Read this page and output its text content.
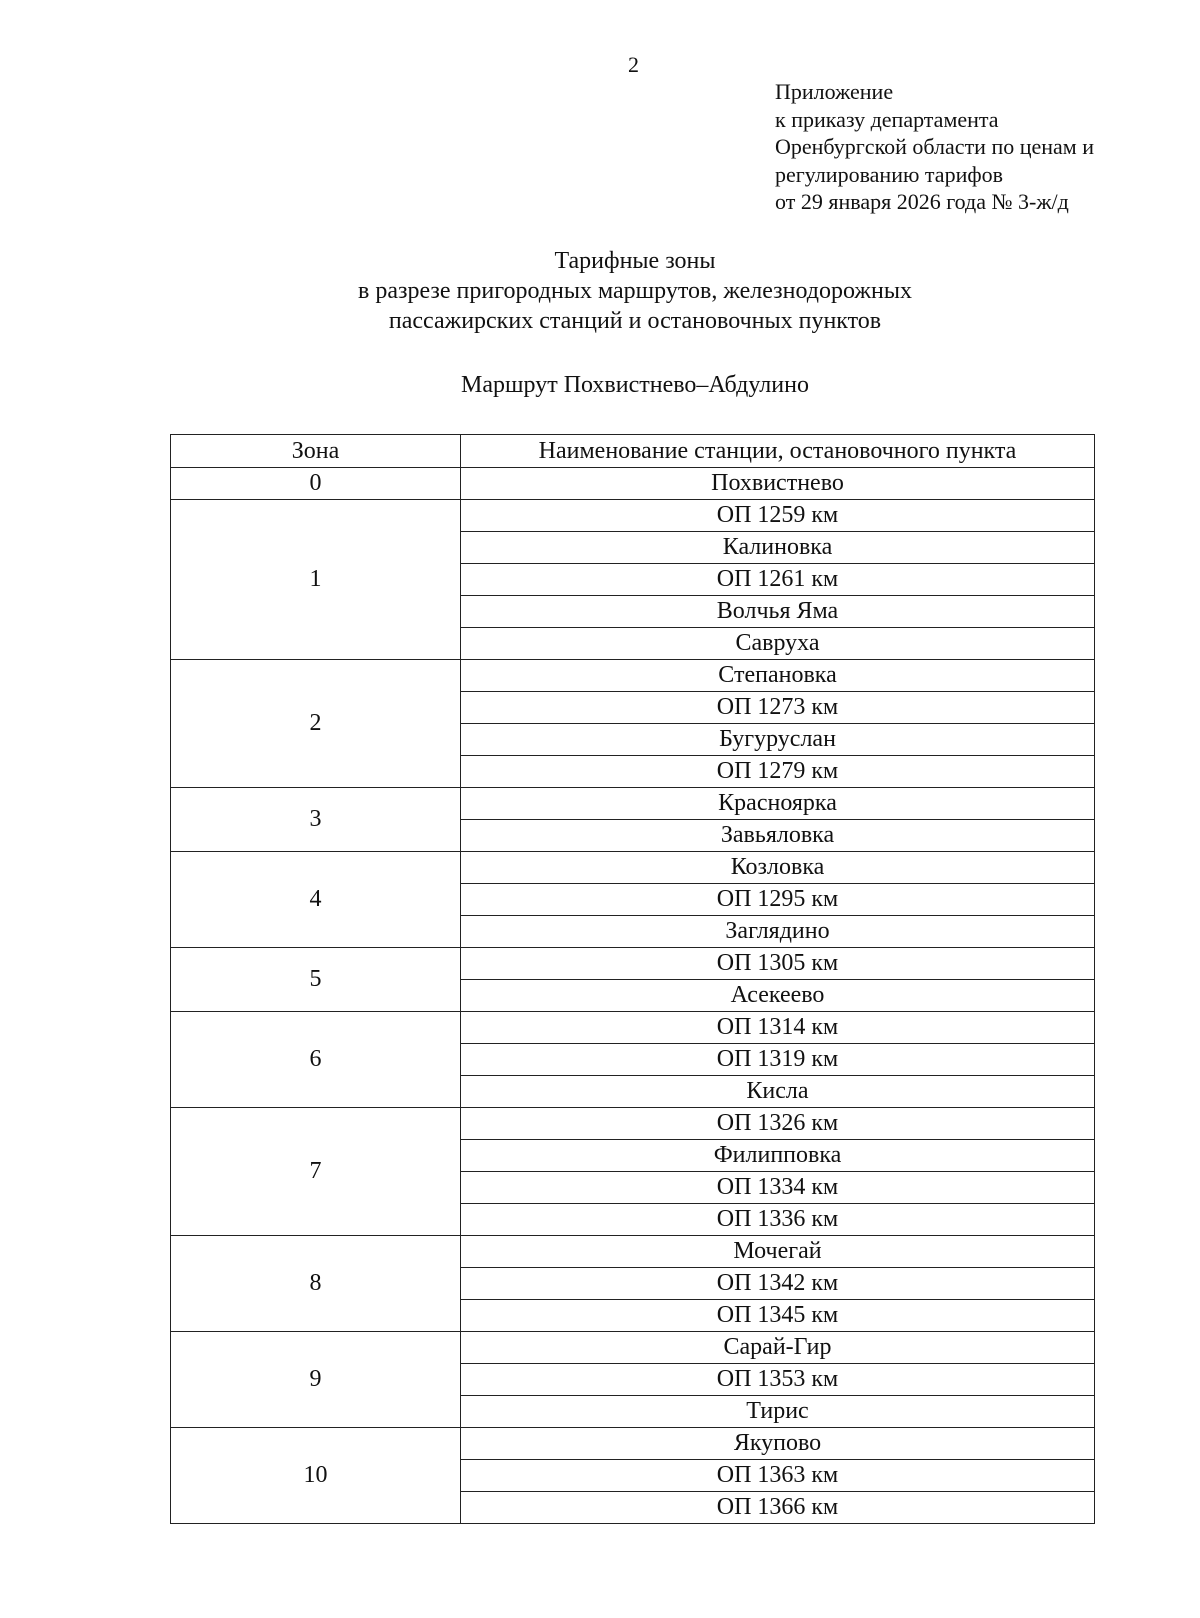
2
Приложение
к приказу департамента
Оренбургской области по ценам и
регулированию тарифов
от 29 января 2026 года № 3-ж/д
Тарифные зоны
в разрезе пригородных маршрутов, железнодорожных
пассажирских станций и остановочных пунктов
Маршрут Похвистнево–Абдулино
Зона	Наименование станции, остановочного пункта
0	Похвистнево
1	ОП 1259 км
	Калиновка
	ОП 1261 км
	Волчья Яма
	Савруха
2	Степановка
	ОП 1273 км
	Бугуруслан
	ОП 1279 км
3	Красноярка
	Завьяловка
4	Козловка
	ОП 1295 км
	Заглядино
5	ОП 1305 км
	Асекеево
6	ОП 1314 км
	ОП 1319 км
	Кисла
7	ОП 1326 км
	Филипповка
	ОП 1334 км
	ОП 1336 км
8	Мочегай
	ОП 1342 км
	ОП 1345 км
9	Сарай-Гир
	ОП 1353 км
	Тирис
10	Якупово
	ОП 1363 км
	ОП 1366 км
